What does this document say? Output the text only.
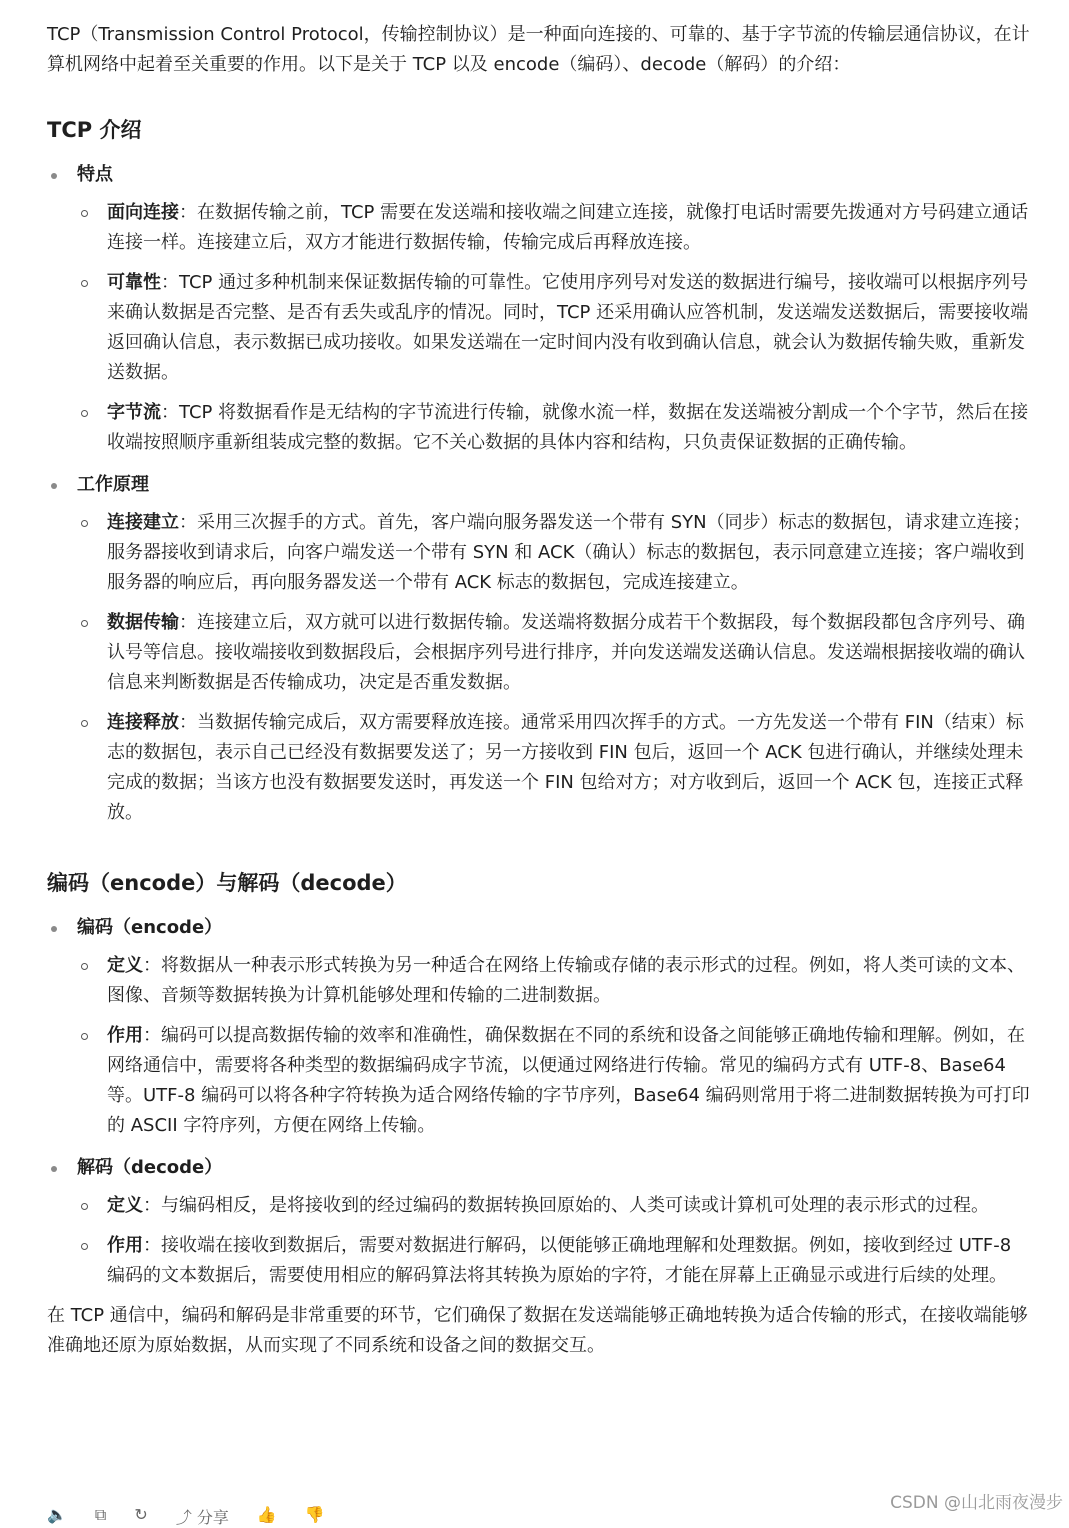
TCP（Transmission Control Protocol，传输控制协议）是一种面向连接的、可靠的、基于字节流的传输层通信协议，在计算机网络中起着至关重要的作用。以下是关于 TCP 以及 encode（编码）、decode（解码）的介绍：

TCP 介绍
特点
面向连接：在数据传输之前，TCP 需要在发送端和接收端之间建立连接，就像打电话时需要先拨通对方号码建立通话连接一样。连接建立后，双方才能进行数据传输，传输完成后再释放连接。
可靠性：TCP 通过多种机制来保证数据传输的可靠性。它使用序列号对发送的数据进行编号，接收端可以根据序列号来确认数据是否完整、是否有丢失或乱序的情况。同时，TCP 还采用确认应答机制，发送端发送数据后，需要接收端返回确认信息，表示数据已成功接收。如果发送端在一定时间内没有收到确认信息，就会认为数据传输失败，重新发送数据。
字节流：TCP 将数据看作是无结构的字节流进行传输，就像水流一样，数据在发送端被分割成一个个字节，然后在接收端按照顺序重新组装成完整的数据。它不关心数据的具体内容和结构，只负责保证数据的正确传输。
工作原理
连接建立：采用三次握手的方式。首先，客户端向服务器发送一个带有 SYN（同步）标志的数据包，请求建立连接；服务器接收到请求后，向客户端发送一个带有 SYN 和 ACK（确认）标志的数据包，表示同意建立连接；客户端收到服务器的响应后，再向服务器发送一个带有 ACK 标志的数据包，完成连接建立。
数据传输：连接建立后，双方就可以进行数据传输。发送端将数据分成若干个数据段，每个数据段都包含序列号、确认号等信息。接收端接收到数据段后，会根据序列号进行排序，并向发送端发送确认信息。发送端根据接收端的确认信息来判断数据是否传输成功，决定是否重发数据。
连接释放：当数据传输完成后，双方需要释放连接。通常采用四次挥手的方式。一方先发送一个带有 FIN（结束）标志的数据包，表示自己已经没有数据要发送了；另一方接收到 FIN 包后，返回一个 ACK 包进行确认，并继续处理未完成的数据；当该方也没有数据要发送时，再发送一个 FIN 包给对方；对方收到后，返回一个 ACK 包，连接正式释放。
编码（encode）与解码（decode）
编码（encode）
定义：将数据从一种表示形式转换为另一种适合在网络上传输或存储的表示形式的过程。例如，将人类可读的文本、图像、音频等数据转换为计算机能够处理和传输的二进制数据。
作用：编码可以提高数据传输的效率和准确性，确保数据在不同的系统和设备之间能够正确地传输和理解。例如，在网络通信中，需要将各种类型的数据编码成字节流，以便通过网络进行传输。常见的编码方式有 UTF-8、Base64 等。UTF-8 编码可以将各种字符转换为适合网络传输的字节序列，Base64 编码则常用于将二进制数据转换为可打印的 ASCII 字符序列，方便在网络上传输。
解码（decode）
定义：与编码相反，是将接收到的经过编码的数据转换回原始的、人类可读或计算机可处理的表示形式的过程。
作用：接收端在接收到数据后，需要对数据进行解码，以便能够正确地理解和处理数据。例如，接收到经过 UTF-8 编码的文本数据后，需要使用相应的解码算法将其转换为原始的字符，才能在屏幕上正确显示或进行后续的处理。

在 TCP 通信中，编码和解码是非常重要的环节，它们确保了数据在发送端能够正确地转换为适合传输的形式，在接收端能够准确地还原为原始数据，从而实现了不同系统和设备之间的数据交互。

🔈 ⧉ ↻ ⤴ 分享 👍 👎
CSDN @山北雨夜漫步
